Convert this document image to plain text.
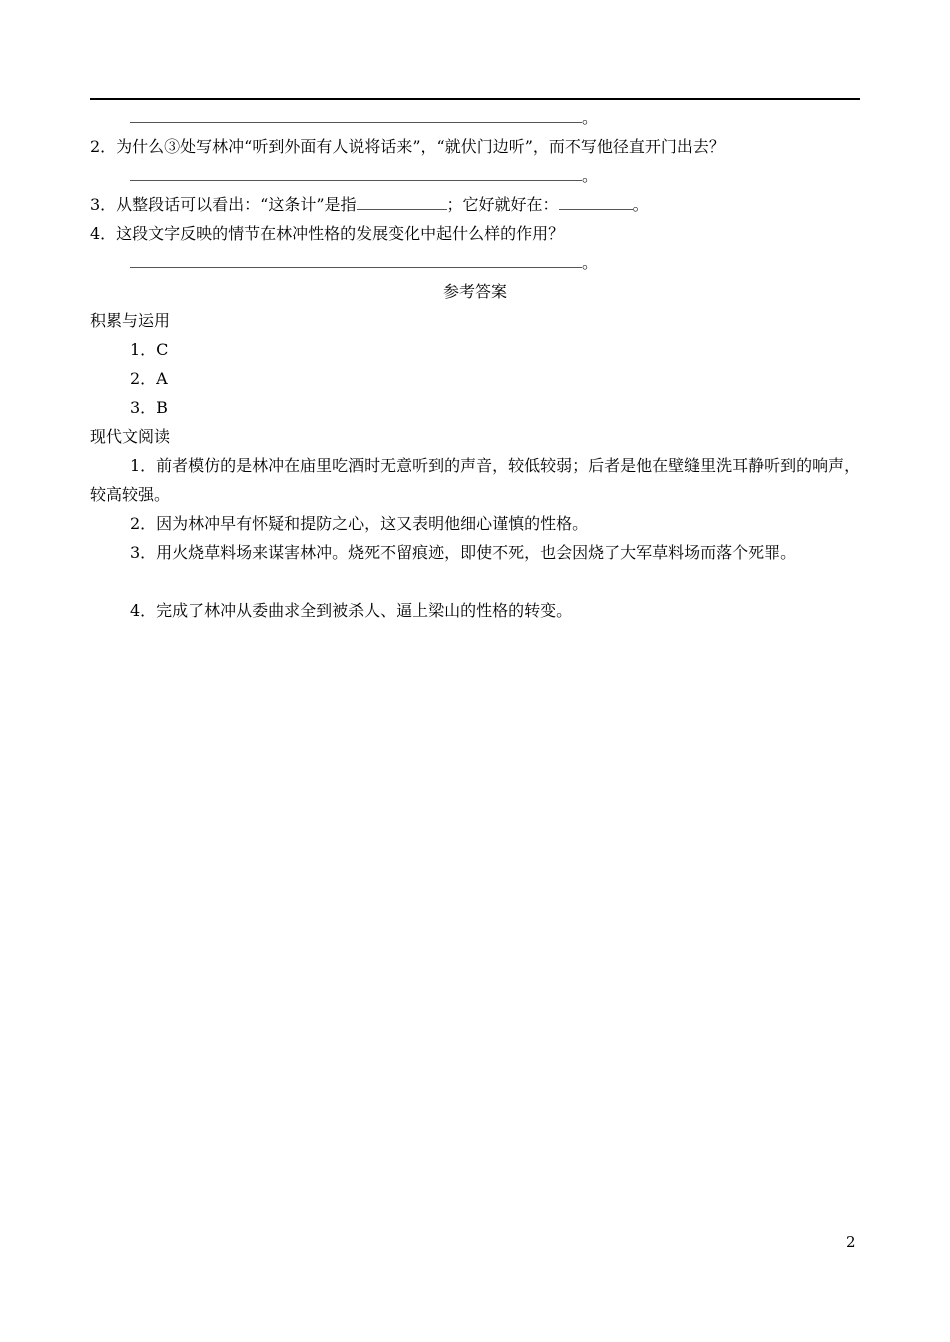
。
2．为什么③处写林冲“听到外面有人说将话来”，“就伏门边听”，而不写他径直开门出去？
。
3．从整段话可以看出：“这条计”是指	；它好就好在：	。
4．这段文字反映的情节在林冲性格的发展变化中起什么样的作用？
。
参考答案
积累与运用
1．C
2．A
3．B
现代文阅读
1．前者模仿的是林冲在庙里吃酒时无意听到的声音，较低较弱；后者是他在壁缝里洗耳静听到的响声，较高较强。
2．因为林冲早有怀疑和提防之心，这又表明他细心谨慎的性格。
3．用火烧草料场来谋害林冲。烧死不留痕迹，即使不死，也会因烧了大军草料场而落个死罪。
4．完成了林冲从委曲求全到被杀人、逼上梁山的性格的转变。
2
